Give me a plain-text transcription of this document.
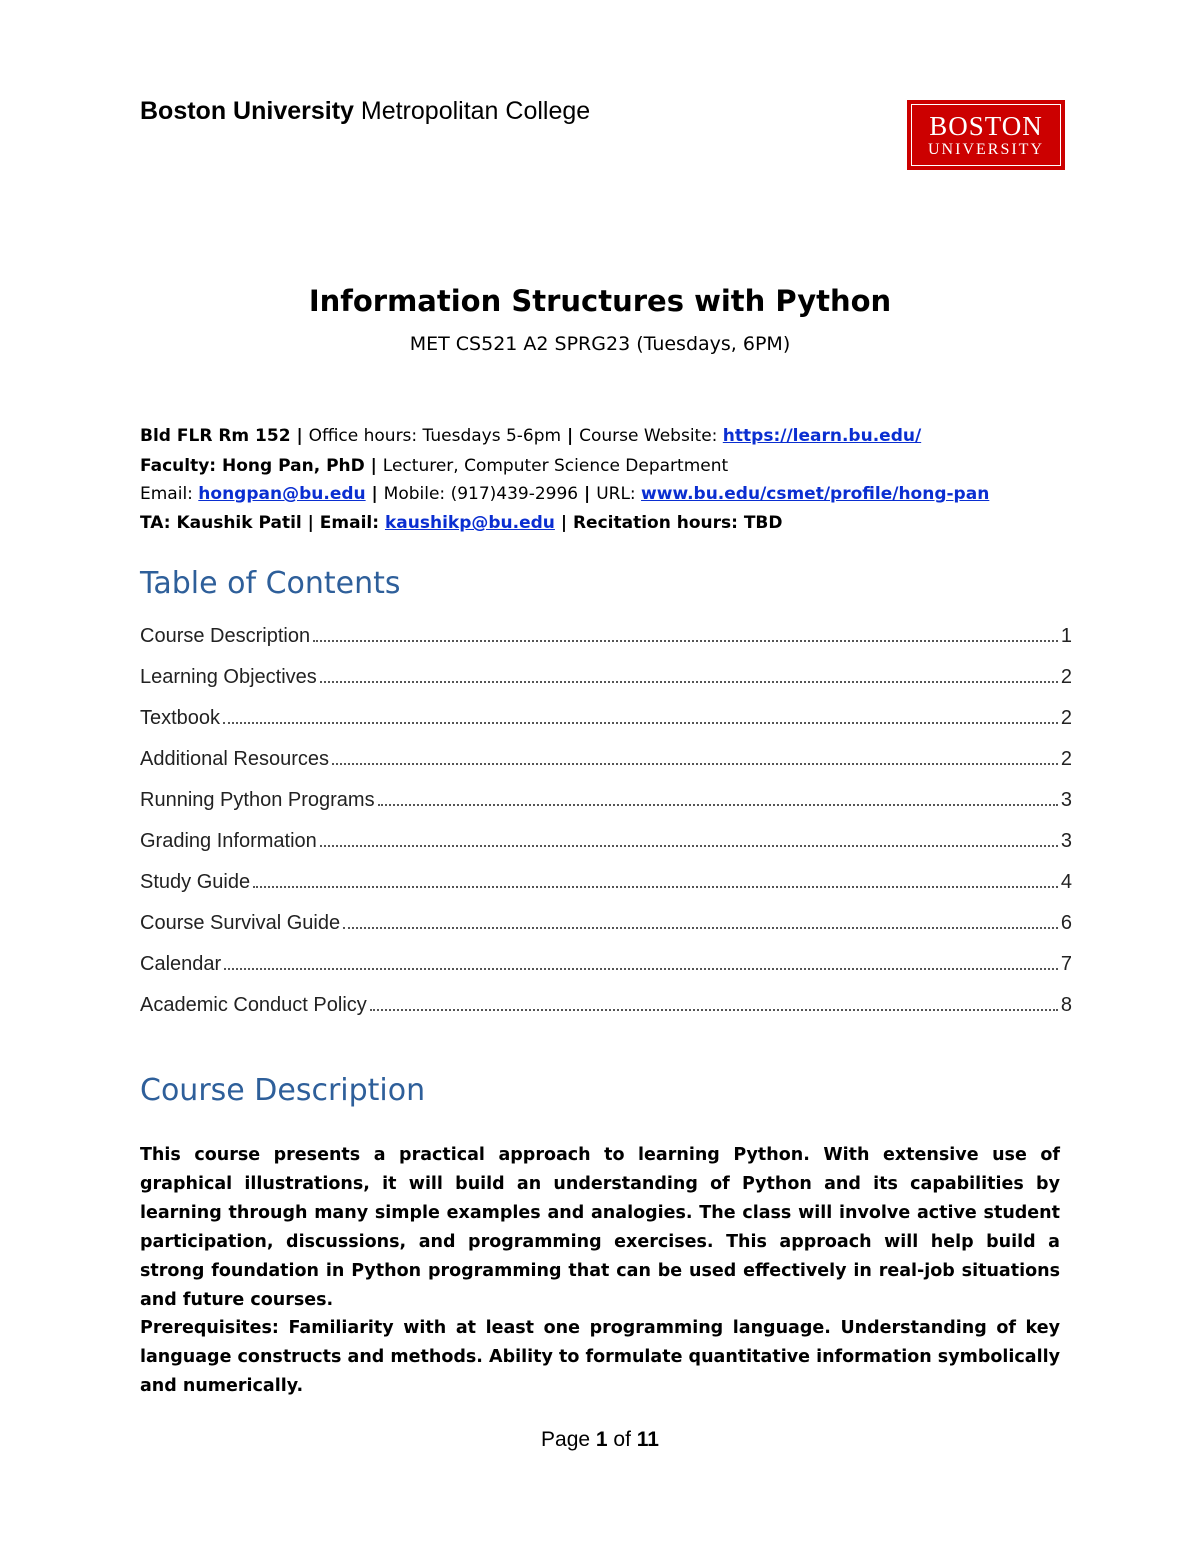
Boston University Metropolitan College	BOSTON
UNIVERSITY
Information Structures with Python
MET CS521 A2 SPRG23 (Tuesdays, 6PM)
Bld FLR Rm 152 | Office hours: Tuesdays 5-6pm | Course Website: https://learn.bu.edu/
Faculty: Hong Pan, PhD | Lecturer, Computer Science Department
Email: hongpan@bu.edu | Mobile: (917)439-2996 | URL: www.bu.edu/csmet/profile/hong-pan
TA: Kaushik Patil | Email: kaushikp@bu.edu | Recitation hours: TBD
Table of Contents
Course Description	1
Learning Objectives	2
Textbook	2
Additional Resources	2
Running Python Programs	3
Grading Information	3
Study Guide	4
Course Survival Guide	6
Calendar	7
Academic Conduct Policy	8
Course Description
This course presents a practical approach to learning Python. With extensive use of graphical illustrations, it will build an understanding of Python and its capabilities by learning through many simple examples and analogies. The class will involve active student participation, discussions, and programming exercises. This approach will help build a strong foundation in Python programming that can be used effectively in real-job situations and future courses.
Prerequisites: Familiarity with at least one programming language. Understanding of key language constructs and methods. Ability to formulate quantitative information symbolically and numerically.
Page 1 of 11
